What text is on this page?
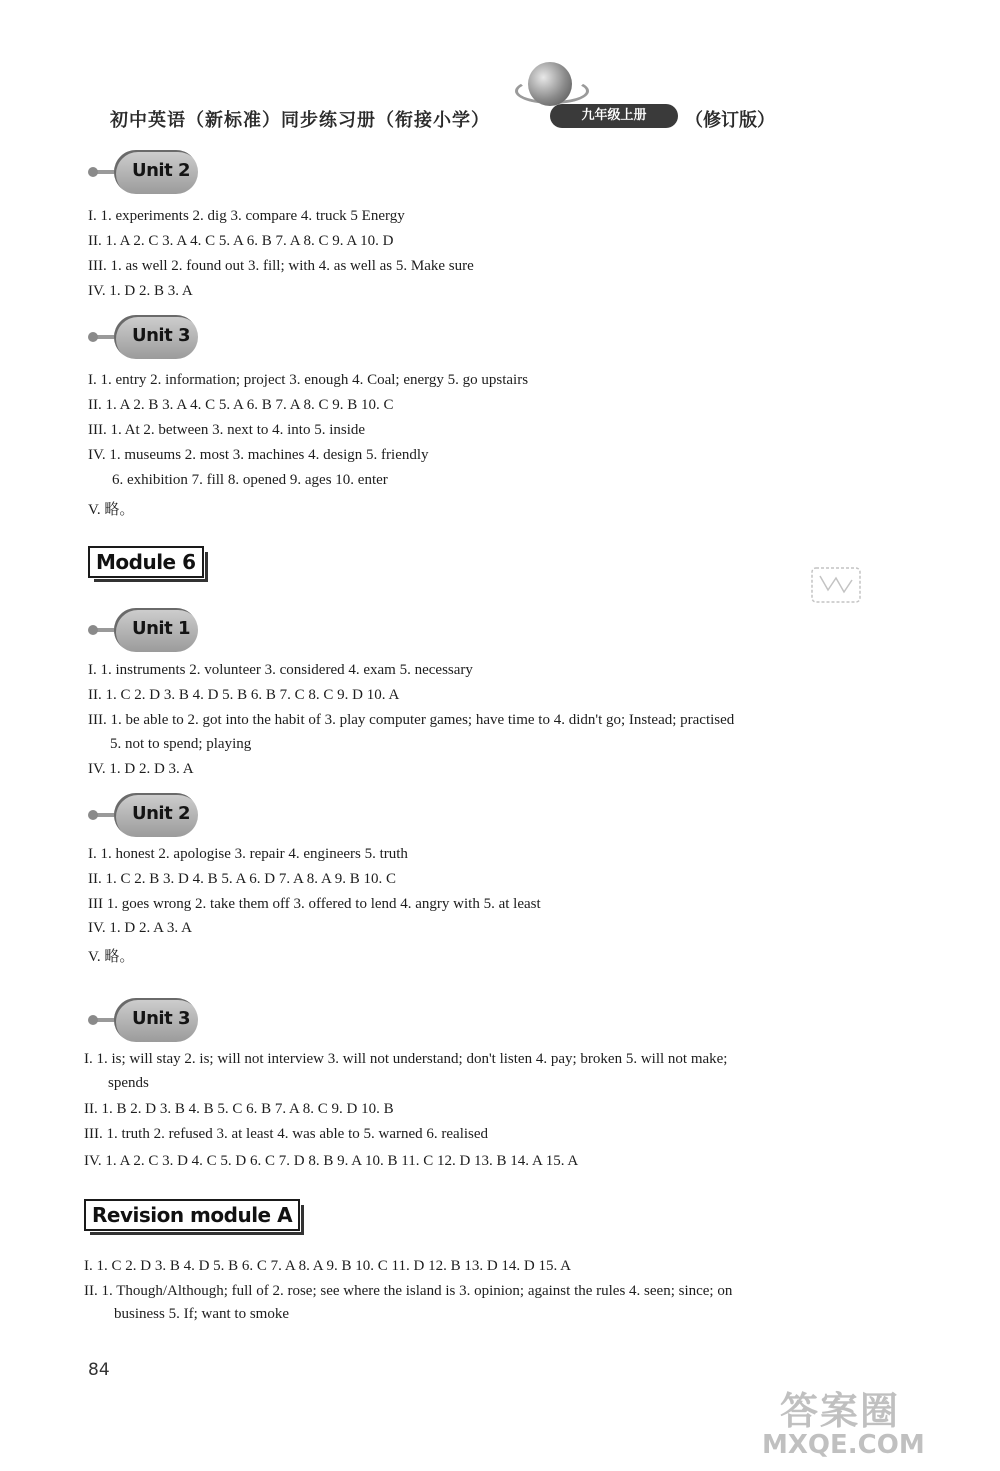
初中英语（新标准）同步练习册（衔接小学）	九年级上册	（修订版）
Unit 2
I. 1. experiments 2. dig 3. compare 4. truck 5 Energy
II. 1. A 2. C 3. A 4. C 5. A 6. B 7. A 8. C 9. A 10. D
III. 1. as well 2. found out 3. fill; with 4. as well as 5. Make sure
IV. 1. D 2. B 3. A
Unit 3
I. 1. entry 2. information; project 3. enough 4. Coal; energy 5. go upstairs
II. 1. A 2. B 3. A 4. C 5. A 6. B 7. A 8. C 9. B 10. C
III. 1. At 2. between 3. next to 4. into 5. inside
IV. 1. museums 2. most 3. machines 4. design 5. friendly
6. exhibition 7. fill 8. opened 9. ages 10. enter
V. 略。
Module 6
Unit 1
I. 1. instruments 2. volunteer 3. considered 4. exam 5. necessary
II. 1. C 2. D 3. B 4. D 5. B 6. B 7. C 8. C 9. D 10. A
III. 1. be able to 2. got into the habit of 3. play computer games; have time to 4. didn't go; Instead; practised
5. not to spend; playing
IV. 1. D 2. D 3. A
Unit 2
I. 1. honest 2. apologise 3. repair 4. engineers 5. truth
II. 1. C 2. B 3. D 4. B 5. A 6. D 7. A 8. A 9. B 10. C
III 1. goes wrong 2. take them off 3. offered to lend 4. angry with 5. at least
IV. 1. D 2. A 3. A
V. 略。
Unit 3
I. 1. is; will stay 2. is; will not interview 3. will not understand; don't listen 4. pay; broken 5. will not make;
spends
II. 1. B 2. D 3. B 4. B 5. C 6. B 7. A 8. C 9. D 10. B
III. 1. truth 2. refused 3. at least 4. was able to 5. warned 6. realised
IV. 1. A 2. C 3. D 4. C 5. D 6. C 7. D 8. B 9. A 10. B 11. C 12. D 13. B 14. A 15. A
Revision module A
I. 1. C 2. D 3. B 4. D 5. B 6. C 7. A 8. A 9. B 10. C 11. D 12. B 13. D 14. D 15. A
II. 1. Though/Although; full of 2. rose; see where the island is 3. opinion; against the rules 4. seen; since; on
business 5. If; want to smoke
84
答案圈
MXQE.COM
